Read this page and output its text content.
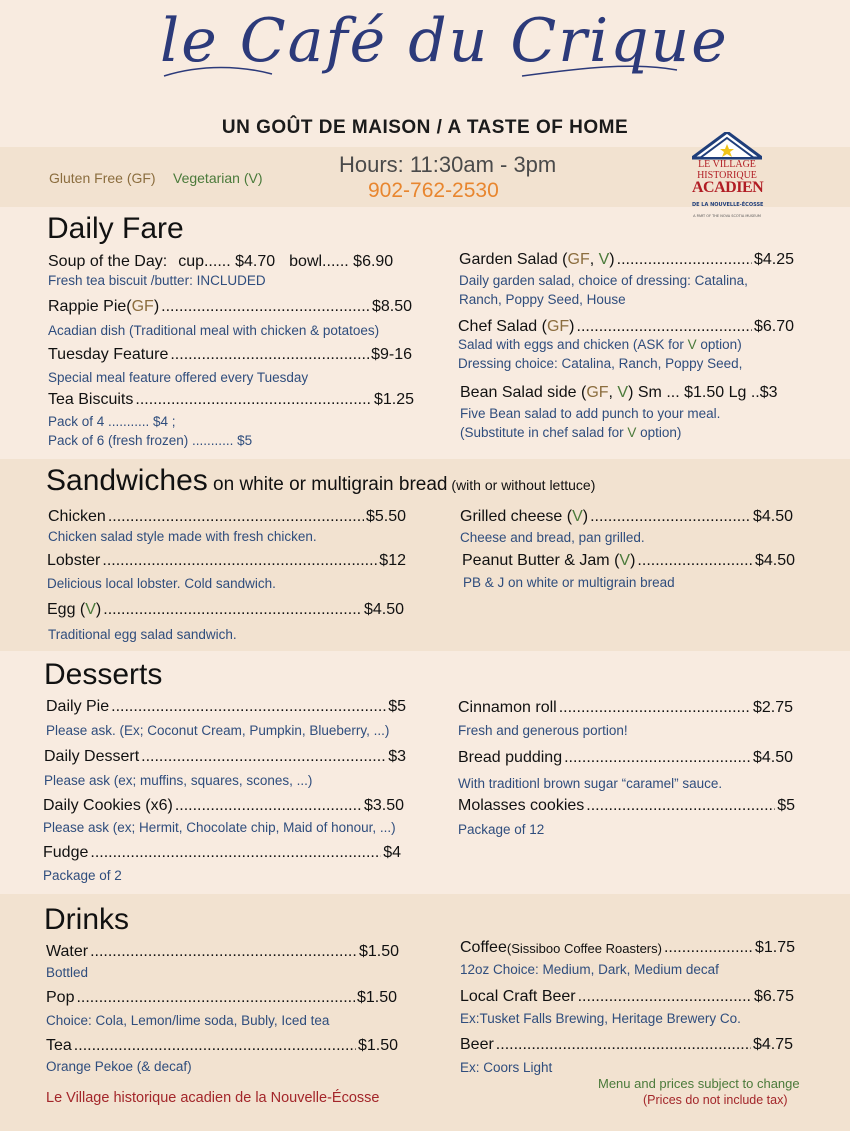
le Café du Crique
UN GOÛT DE MAISON / A TASTE OF HOME
Gluten Free (GF) Vegetarian (V)
Hours: 11:30am - 3pm
902-762-2530
LE VILLAGE
HISTORIQUE
ACADIEN
DE LA NOUVELLE-ÉCOSSE
A PART OF THE NOVA SCOTIA MUSEUM
Daily Fare
Soup of the Day: cup...... $4.70 bowl...... $6.90
Fresh tea biscuit /butter: INCLUDED
Rappie Pie ( GF ) .....	$8.50
Acadian dish (Traditional meal with chicken & potatoes)
Tuesday Feature .....	$9-16
Special meal feature offered every Tuesday
Tea Biscuits .....	$1.25
Pack of 4 ........... $4 ;
Pack of 6 (fresh frozen) ........... $5
Garden Salad ( GF , V ) .....	$4.25
Daily garden salad, choice of dressing: Catalina,
Ranch, Poppy Seed, House
Chef Salad ( GF ) .....	$6.70
Salad with eggs and chicken (ASK for V option)
Dressing choice: Catalina, Ranch, Poppy Seed,
Bean Salad side ( GF , V ) Sm ... $1.50 Lg ..$3
Five Bean salad to add punch to your meal.
(Substitute in chef salad for V option)
Sandwiches on white or multigrain bread (with or without lettuce)
Chicken .....	$5.50
Chicken salad style made with fresh chicken.
Lobster .....	$12
Delicious local lobster. Cold sandwich.
Egg ( V ) .....	$4.50
Traditional egg salad sandwich.
Grilled cheese ( V ) .....	$4.50
Cheese and bread, pan grilled.
Peanut Butter & Jam ( V ) .....	$4.50
PB & J on white or multigrain bread
Desserts
Daily Pie .....	$5
Please ask. (Ex; Coconut Cream, Pumpkin, Blueberry, ...)
Daily Dessert .....	$3
Please ask (ex; muffins, squares, scones, ...)
Daily Cookies (x6) .....	$3.50
Please ask (ex; Hermit, Chocolate chip, Maid of honour, ...)
Fudge .....	$4
Package of 2
Cinnamon roll .....	$2.75
Fresh and generous portion!
Bread pudding .....	$4.50
With traditionl brown sugar “caramel” sauce.
Molasses cookies .....	$5
Package of 12
Drinks
Water .....	$1.50
Bottled
Pop .....	$1.50
Choice: Cola, Lemon/lime soda, Bubly, Iced tea
Tea .....	$1.50
Orange Pekoe (& decaf)
Coffee (Sissiboo Coffee Roasters) .....	$1.75
12oz Choice: Medium, Dark, Medium decaf
Local Craft Beer .....	$6.75
Ex:Tusket Falls Brewing, Heritage Brewery Co.
Beer .....	$4.75
Ex: Coors Light
Le Village historique acadien de la Nouvelle-Écosse
Menu and prices subject to change
(Prices do not include tax)
